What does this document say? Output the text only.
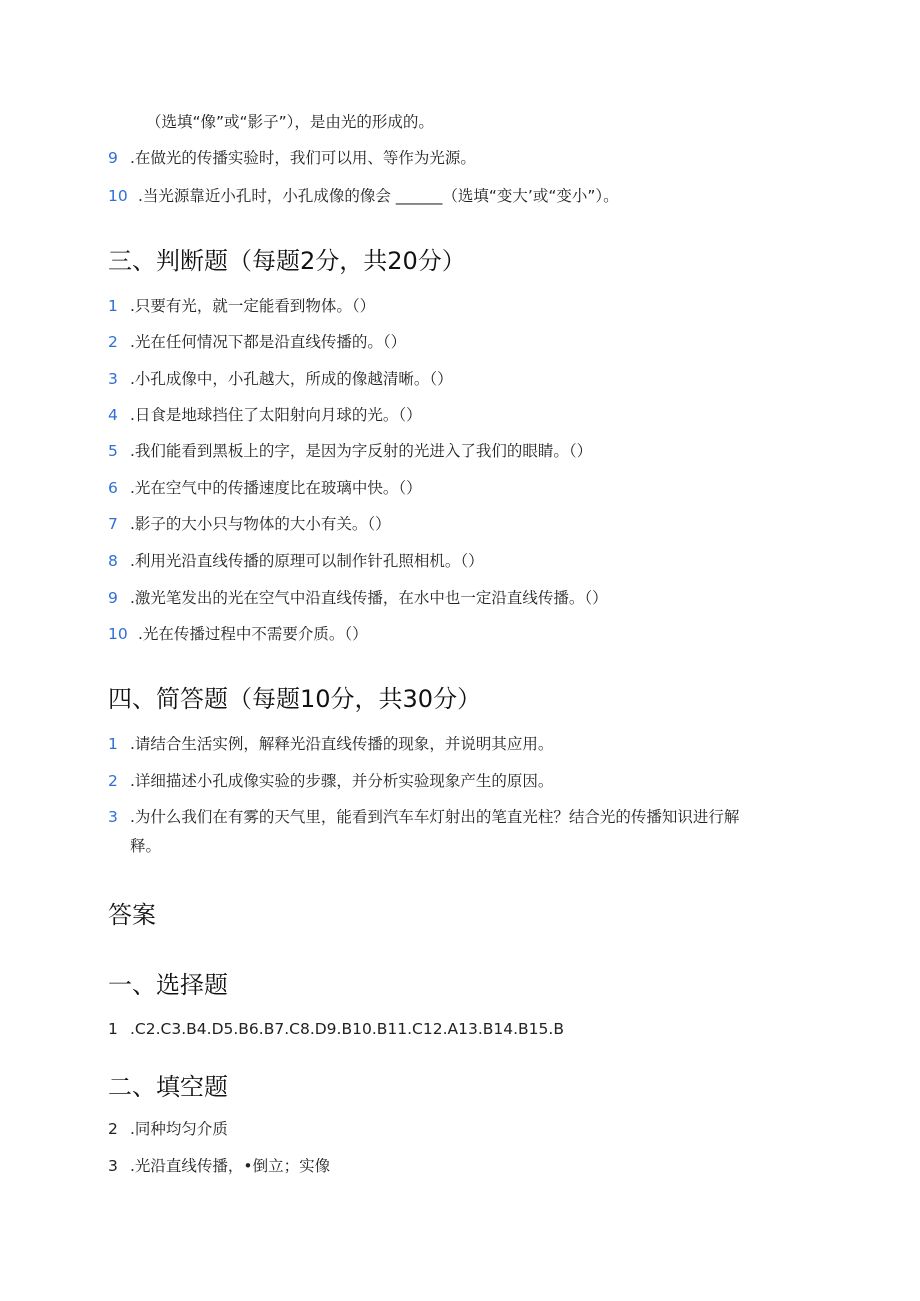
（选填“像”或“影子”），是由光的形成的。
9 .在做光的传播实验时，我们可以用、等作为光源。
10 .当光源靠近小孔时，小孔成像的像会 ______（选填“变大’或“变小”）。
三、判断题（每题2分，共20分）
1 .只要有光，就一定能看到物体。（）
2 .光在任何情况下都是沿直线传播的。（）
3 .小孔成像中，小孔越大，所成的像越清晰。（）
4 .日食是地球挡住了太阳射向月球的光。（）
5 .我们能看到黑板上的字，是因为字反射的光进入了我们的眼睛。（）
6 .光在空气中的传播速度比在玻璃中快。（）
7 .影子的大小只与物体的大小有关。（）
8 .利用光沿直线传播的原理可以制作针孔照相机。（）
9 .激光笔发出的光在空气中沿直线传播，在水中也一定沿直线传播。（）
10 .光在传播过程中不需要介质。（）
四、简答题（每题10分，共30分）
1 .请结合生活实例，解释光沿直线传播的现象，并说明其应用。
2 .详细描述小孔成像实验的步骤，并分析实验现象产生的原因。
3 .为什么我们在有雾的天气里，能看到汽车车灯射出的笔直光柱？结合光的传播知识进行解
释。
答案
一、选择题
1 .C2.C3.B4.D5.B6.B7.C8.D9.B10.B11.C12.A13.B14.B15.B
二、填空题
2 .同种均匀介质
3 .光沿直线传播，•倒立；实像
